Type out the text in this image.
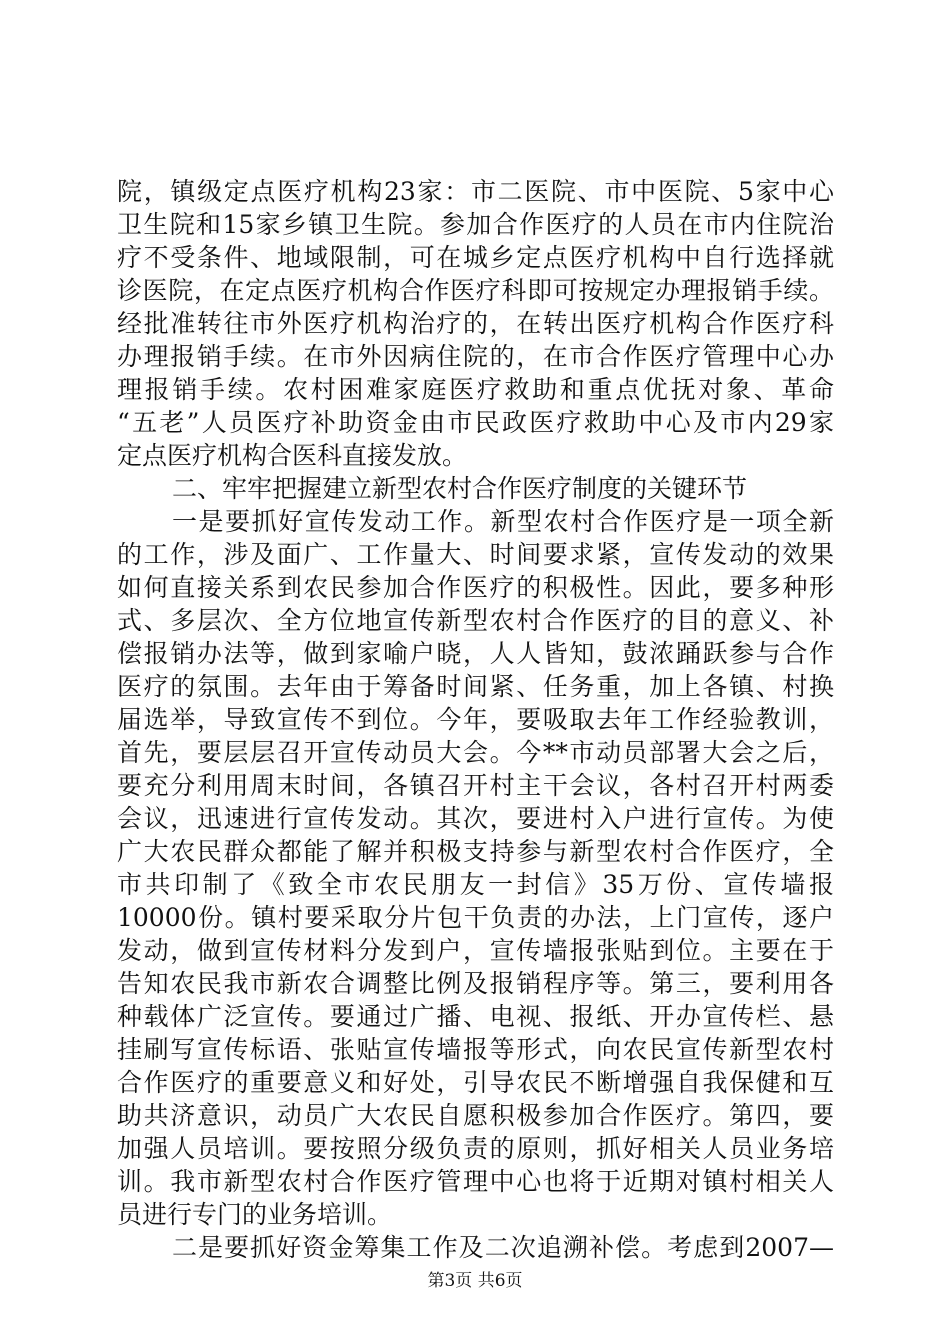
院，镇级定点医疗机构23家：市二医院、市中医院、5家中心
卫生院和15家乡镇卫生院。参加合作医疗的人员在市内住院治
疗不受条件、地域限制，可在城乡定点医疗机构中自行选择就
诊医院，在定点医疗机构合作医疗科即可按规定办理报销手续。
经批准转往市外医疗机构治疗的，在转出医疗机构合作医疗科
办理报销手续。在市外因病住院的，在市合作医疗管理中心办
理报销手续。农村困难家庭医疗救助和重点优抚对象、革命
“五老”人员医疗补助资金由市民政医疗救助中心及市内29家
定点医疗机构合医科直接发放。
二、牢牢把握建立新型农村合作医疗制度的关键环节
一是要抓好宣传发动工作。新型农村合作医疗是一项全新
的工作，涉及面广、工作量大、时间要求紧，宣传发动的效果
如何直接关系到农民参加合作医疗的积极性。因此，要多种形
式、多层次、全方位地宣传新型农村合作医疗的目的意义、补
偿报销办法等，做到家喻户晓，人人皆知，鼓浓踊跃参与合作
医疗的氛围。去年由于筹备时间紧、任务重，加上各镇、村换
届选举，导致宣传不到位。今年，要吸取去年工作经验教训，
首先，要层层召开宣传动员大会。今**市动员部署大会之后，
要充分利用周末时间，各镇召开村主干会议，各村召开村两委
会议，迅速进行宣传发动。其次，要进村入户进行宣传。为使
广大农民群众都能了解并积极支持参与新型农村合作医疗，全
市共印制了《致全市农民朋友一封信》35万份、宣传墙报
10000份。镇村要采取分片包干负责的办法，上门宣传，逐户
发动，做到宣传材料分发到户，宣传墙报张贴到位。主要在于
告知农民我市新农合调整比例及报销程序等。第三，要利用各
种载体广泛宣传。要通过广播、电视、报纸、开办宣传栏、悬
挂刷写宣传标语、张贴宣传墙报等形式，向农民宣传新型农村
合作医疗的重要意义和好处，引导农民不断增强自我保健和互
助共济意识，动员广大农民自愿积极参加合作医疗。第四，要
加强人员培训。要按照分级负责的原则，抓好相关人员业务培
训。我市新型农村合作医疗管理中心也将于近期对镇村相关人
员进行专门的业务培训。
二是要抓好资金筹集工作及二次追溯补偿。考虑到2007—
第3页 共6页
